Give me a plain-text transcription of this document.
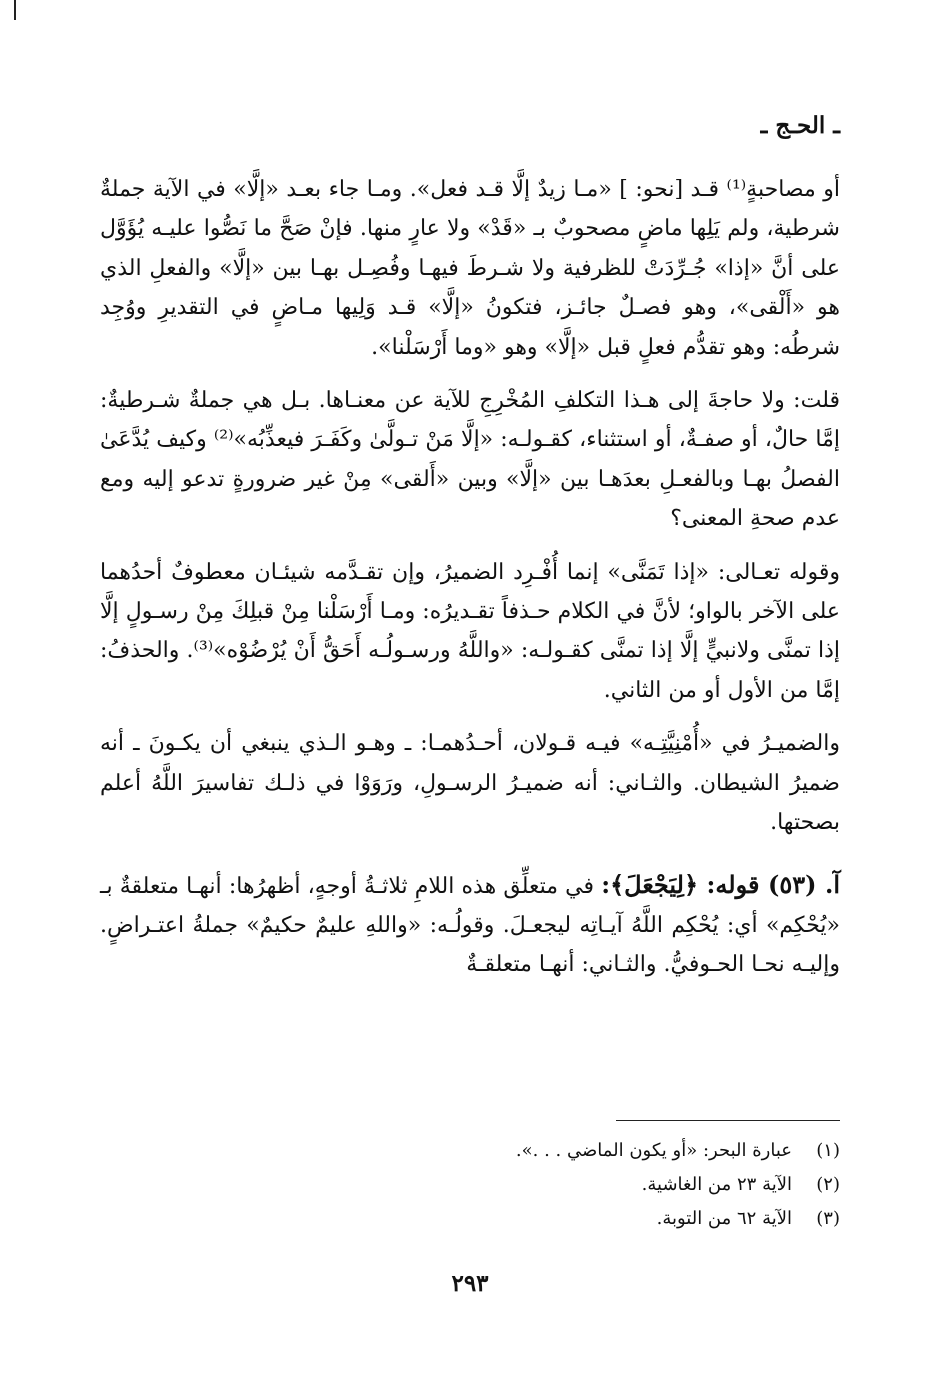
ـ الحـج ـ

أو مصاحبةٍ⁽¹⁾ قـد [نحو: ] «مـا زيدٌ إلَّا قـد فعل». ومـا جاء بعـد «إلَّا» في الآية جملةٌ شرطية، ولم يَلِها ماضٍ مصحوبٌ بـ «قَدْ» ولا عارٍ منها. فإنْ صَحَّ ما نَصُّوا عليـه يُؤَوَّل على أنَّ «إذا» جُـرِّدَتْ للظرفية ولا شـرطَ فيهـا وفُصِـل بهـا بين «إلَّا» والفعلِ الذي هو «أَلْقى»، وهو فصـلٌ جائـز، فتكونُ «إلَّا» قـد وَلِيها مـاضٍ في التقديرِ ووُجِد شرطُه: وهو تقدُّم فعلٍ قبل «إلَّا» وهو «وما أَرْسَلْنا».

قلت: ولا حاجةَ إلى هـذا التكلفِ المُخْرِجِ للآية عن معنـاها. بـل هي جملةٌ شـرطيةٌ: إمَّا حالٌ، أو صفـةٌ، أو استثناء، كقـولـه: «إلَّا مَنْ تـولَّىٰ وكَفَـرَ فيعذِّبُه»⁽²⁾ وكيف يُدَّعَىٰ الفصلُ بهـا وبالفعـلِ بعدَهـا بين «إلَّا» وبين «أَلقى» مِنْ غير ضرورةٍ تدعو إليه ومع عدم صحةِ المعنى؟

وقوله تعـالى: «إذا تَمَنَّى» إنما أُفْـرِد الضميرُ، وإن تقـدَّمه شيئـان معطوفٌ أحدُهما على الآخر بالواو؛ لأنَّ في الكلام حـذفاً تقـديرُه: ومـا أَرْسَلْنا مِنْ قبلِكَ مِنْ رسـولٍ إلَّا إذا تمنَّى ولانبيٍّ إلَّا إذا تمنَّى كقـولـه: «واللَّهُ ورسـولُـه أَحَقُّ أَنْ يُرْضُوْه»⁽³⁾. والحذفُ: إمَّا من الأول أو من الثاني.

والضميـرُ في «أُمْنِيَّتِـه» فيـه قـولان، أحـدُهمـا: ـ وهـو الـذي ينبغي أن يكـونَ ـ أنه ضميرُ الشيطان. والثـاني: أنه ضميـرُ الرسـولِ، ورَوَوْا في ذلـك تفاسيرَ اللَّهُ أعلم بصحتها.

آ. (٥٣) قوله: ﴿لِيَجْعَلَ﴾: في متعلِّق هذه اللامِ ثلاثـةُ أوجهٍ، أظهرُها: أنهـا متعلقةٌ بـ «يُحْكِم» أي: يُحْكِم اللَّهُ آيـاتِه ليجعـلَ. وقولُـه: «واللهِ عليمٌ حكيمٌ» جملةُ اعتـراضٍ. وإليـه نحـا الحـوفيُّ. والثـاني: أنهـا متعلقـةٌ

(١)
عبارة البحر: «أو يكون الماضي . . .».
(٢)
الآية ٢٣ من الغاشية.
(٣)
الآية ٦٢ من التوبة.
٢٩٣
